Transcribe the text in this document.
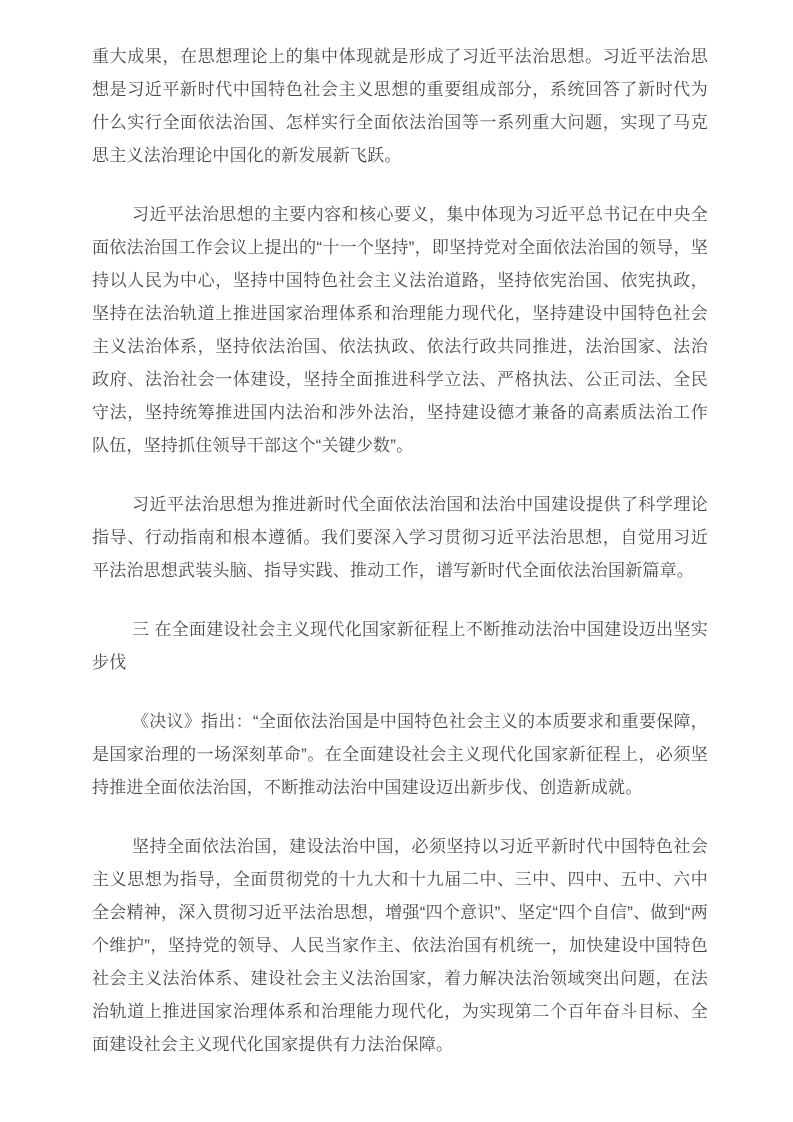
重大成果，在思想理论上的集中体现就是形成了习近平法治思想。习近平法治思想是习近平新时代中国特色社会主义思想的重要组成部分，系统回答了新时代为什么实行全面依法治国、怎样实行全面依法治国等一系列重大问题，实现了马克思主义法治理论中国化的新发展新飞跃。

习近平法治思想的主要内容和核心要义，集中体现为习近平总书记在中央全面依法治国工作会议上提出的“十一个坚持”，即坚持党对全面依法治国的领导，坚持以人民为中心，坚持中国特色社会主义法治道路，坚持依宪治国、依宪执政，坚持在法治轨道上推进国家治理体系和治理能力现代化，坚持建设中国特色社会主义法治体系，坚持依法治国、依法执政、依法行政共同推进，法治国家、法治政府、法治社会一体建设，坚持全面推进科学立法、严格执法、公正司法、全民守法，坚持统筹推进国内法治和涉外法治，坚持建设德才兼备的高素质法治工作队伍，坚持抓住领导干部这个“关键少数”。

习近平法治思想为推进新时代全面依法治国和法治中国建设提供了科学理论指导、行动指南和根本遵循。我们要深入学习贯彻习近平法治思想，自觉用习近平法治思想武装头脑、指导实践、推动工作，谱写新时代全面依法治国新篇章。

三 在全面建设社会主义现代化国家新征程上不断推动法治中国建设迈出坚实步伐

《决议》指出：“全面依法治国是中国特色社会主义的本质要求和重要保障，是国家治理的一场深刻革命”。在全面建设社会主义现代化国家新征程上，必须坚持推进全面依法治国，不断推动法治中国建设迈出新步伐、创造新成就。

坚持全面依法治国，建设法治中国，必须坚持以习近平新时代中国特色社会主义思想为指导，全面贯彻党的十九大和十九届二中、三中、四中、五中、六中全会精神，深入贯彻习近平法治思想，增强“四个意识”、坚定“四个自信”、做到“两个维护”，坚持党的领导、人民当家作主、依法治国有机统一，加快建设中国特色社会主义法治体系、建设社会主义法治国家，着力解决法治领域突出问题，在法治轨道上推进国家治理体系和治理能力现代化，为实现第二个百年奋斗目标、全面建设社会主义现代化国家提供有力法治保障。
